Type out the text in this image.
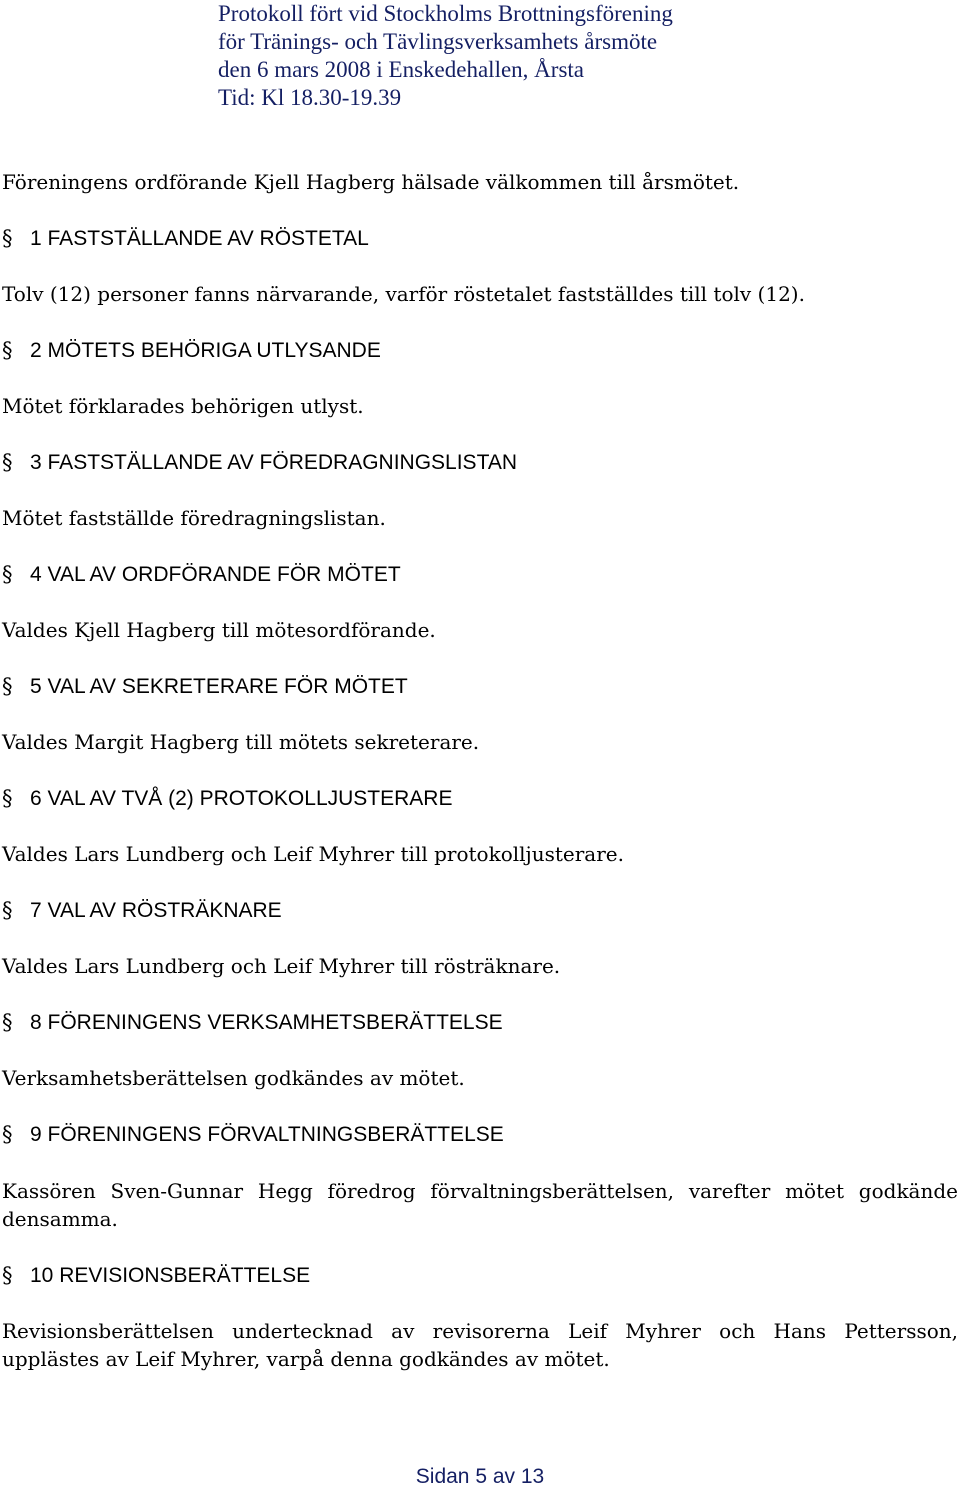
Protokoll fört vid Stockholms Brottningsförening
för Tränings- och Tävlingsverksamhets årsmöte
den 6 mars 2008 i Enskedehallen, Årsta
Tid: Kl 18.30-19.39
Föreningens ordförande Kjell Hagberg hälsade välkommen till årsmötet.
§ 1 FASTSTÄLLANDE AV RÖSTETAL
Tolv (12) personer fanns närvarande, varför röstetalet fastställdes till tolv (12).
§ 2 MÖTETS BEHÖRIGA UTLYSANDE
Mötet förklarades behörigen utlyst.
§ 3 FASTSTÄLLANDE AV FÖREDRAGNINGSLISTAN
Mötet fastställde föredragningslistan.
§ 4 VAL AV ORDFÖRANDE FÖR MÖTET
Valdes Kjell Hagberg till mötesordförande.
§ 5 VAL AV SEKRETERARE FÖR MÖTET
Valdes Margit Hagberg till mötets sekreterare.
§ 6 VAL AV TVÅ (2) PROTOKOLLJUSTERARE
Valdes Lars Lundberg och Leif Myhrer till protokolljusterare.
§ 7 VAL AV RÖSTRÄKNARE
Valdes Lars Lundberg och Leif Myhrer till rösträknare.
§ 8 FÖRENINGENS VERKSAMHETSBERÄTTELSE
Verksamhetsberättelsen godkändes av mötet.
§ 9 FÖRENINGENS FÖRVALTNINGSBERÄTTELSE
Kassören Sven-Gunnar Hegg föredrog förvaltningsberättelsen, varefter mötet godkände densamma.
§ 10 REVISIONSBERÄTTELSE
Revisionsberättelsen undertecknad av revisorerna Leif Myhrer och Hans Pettersson, upplästes av Leif Myhrer, varpå denna godkändes av mötet.
Sidan 5 av 13
